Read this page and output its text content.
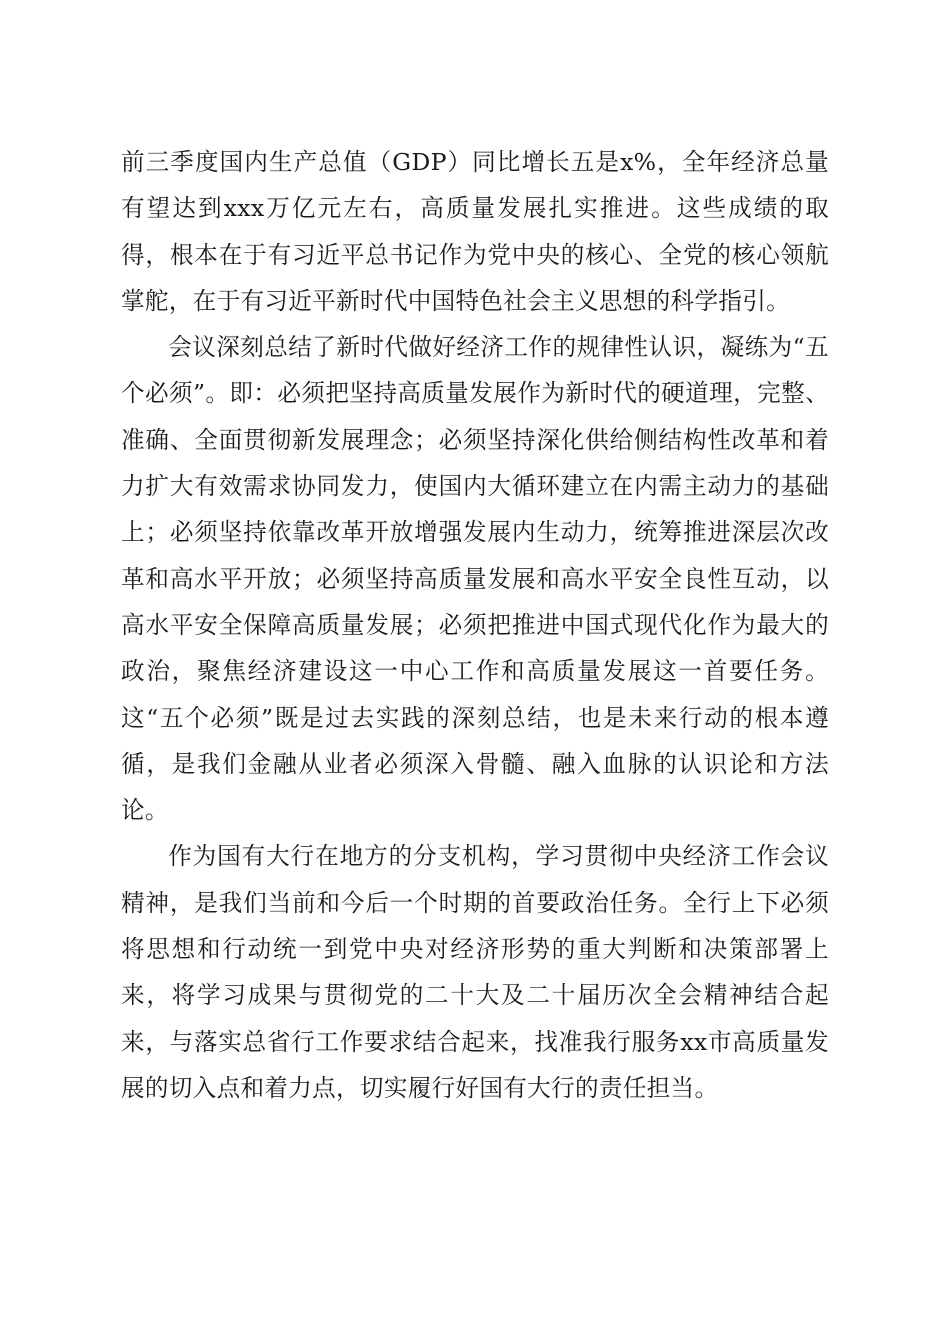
前三季度国内生产总值（GDP）同比增长五是x%，全年经济总量有望达到xxx万亿元左右，高质量发展扎实推进。这些成绩的取得，根本在于有习近平总书记作为党中央的核心、全党的核心领航掌舵，在于有习近平新时代中国特色社会主义思想的科学指引。

会议深刻总结了新时代做好经济工作的规律性认识，凝练为“五个必须”。即：必须把坚持高质量发展作为新时代的硬道理，完整、准确、全面贯彻新发展理念；必须坚持深化供给侧结构性改革和着力扩大有效需求协同发力，使国内大循环建立在内需主动力的基础上；必须坚持依靠改革开放增强发展内生动力，统筹推进深层次改革和高水平开放；必须坚持高质量发展和高水平安全良性互动，以高水平安全保障高质量发展；必须把推进中国式现代化作为最大的政治，聚焦经济建设这一中心工作和高质量发展这一首要任务。这“五个必须”既是过去实践的深刻总结，也是未来行动的根本遵循，是我们金融从业者必须深入骨髓、融入血脉的认识论和方法论。

作为国有大行在地方的分支机构，学习贯彻中央经济工作会议精神，是我们当前和今后一个时期的首要政治任务。全行上下必须将思想和行动统一到党中央对经济形势的重大判断和决策部署上来，将学习成果与贯彻党的二十大及二十届历次全会精神结合起来，与落实总省行工作要求结合起来，找准我行服务xx市高质量发展的切入点和着力点，切实履行好国有大行的责任担当。
